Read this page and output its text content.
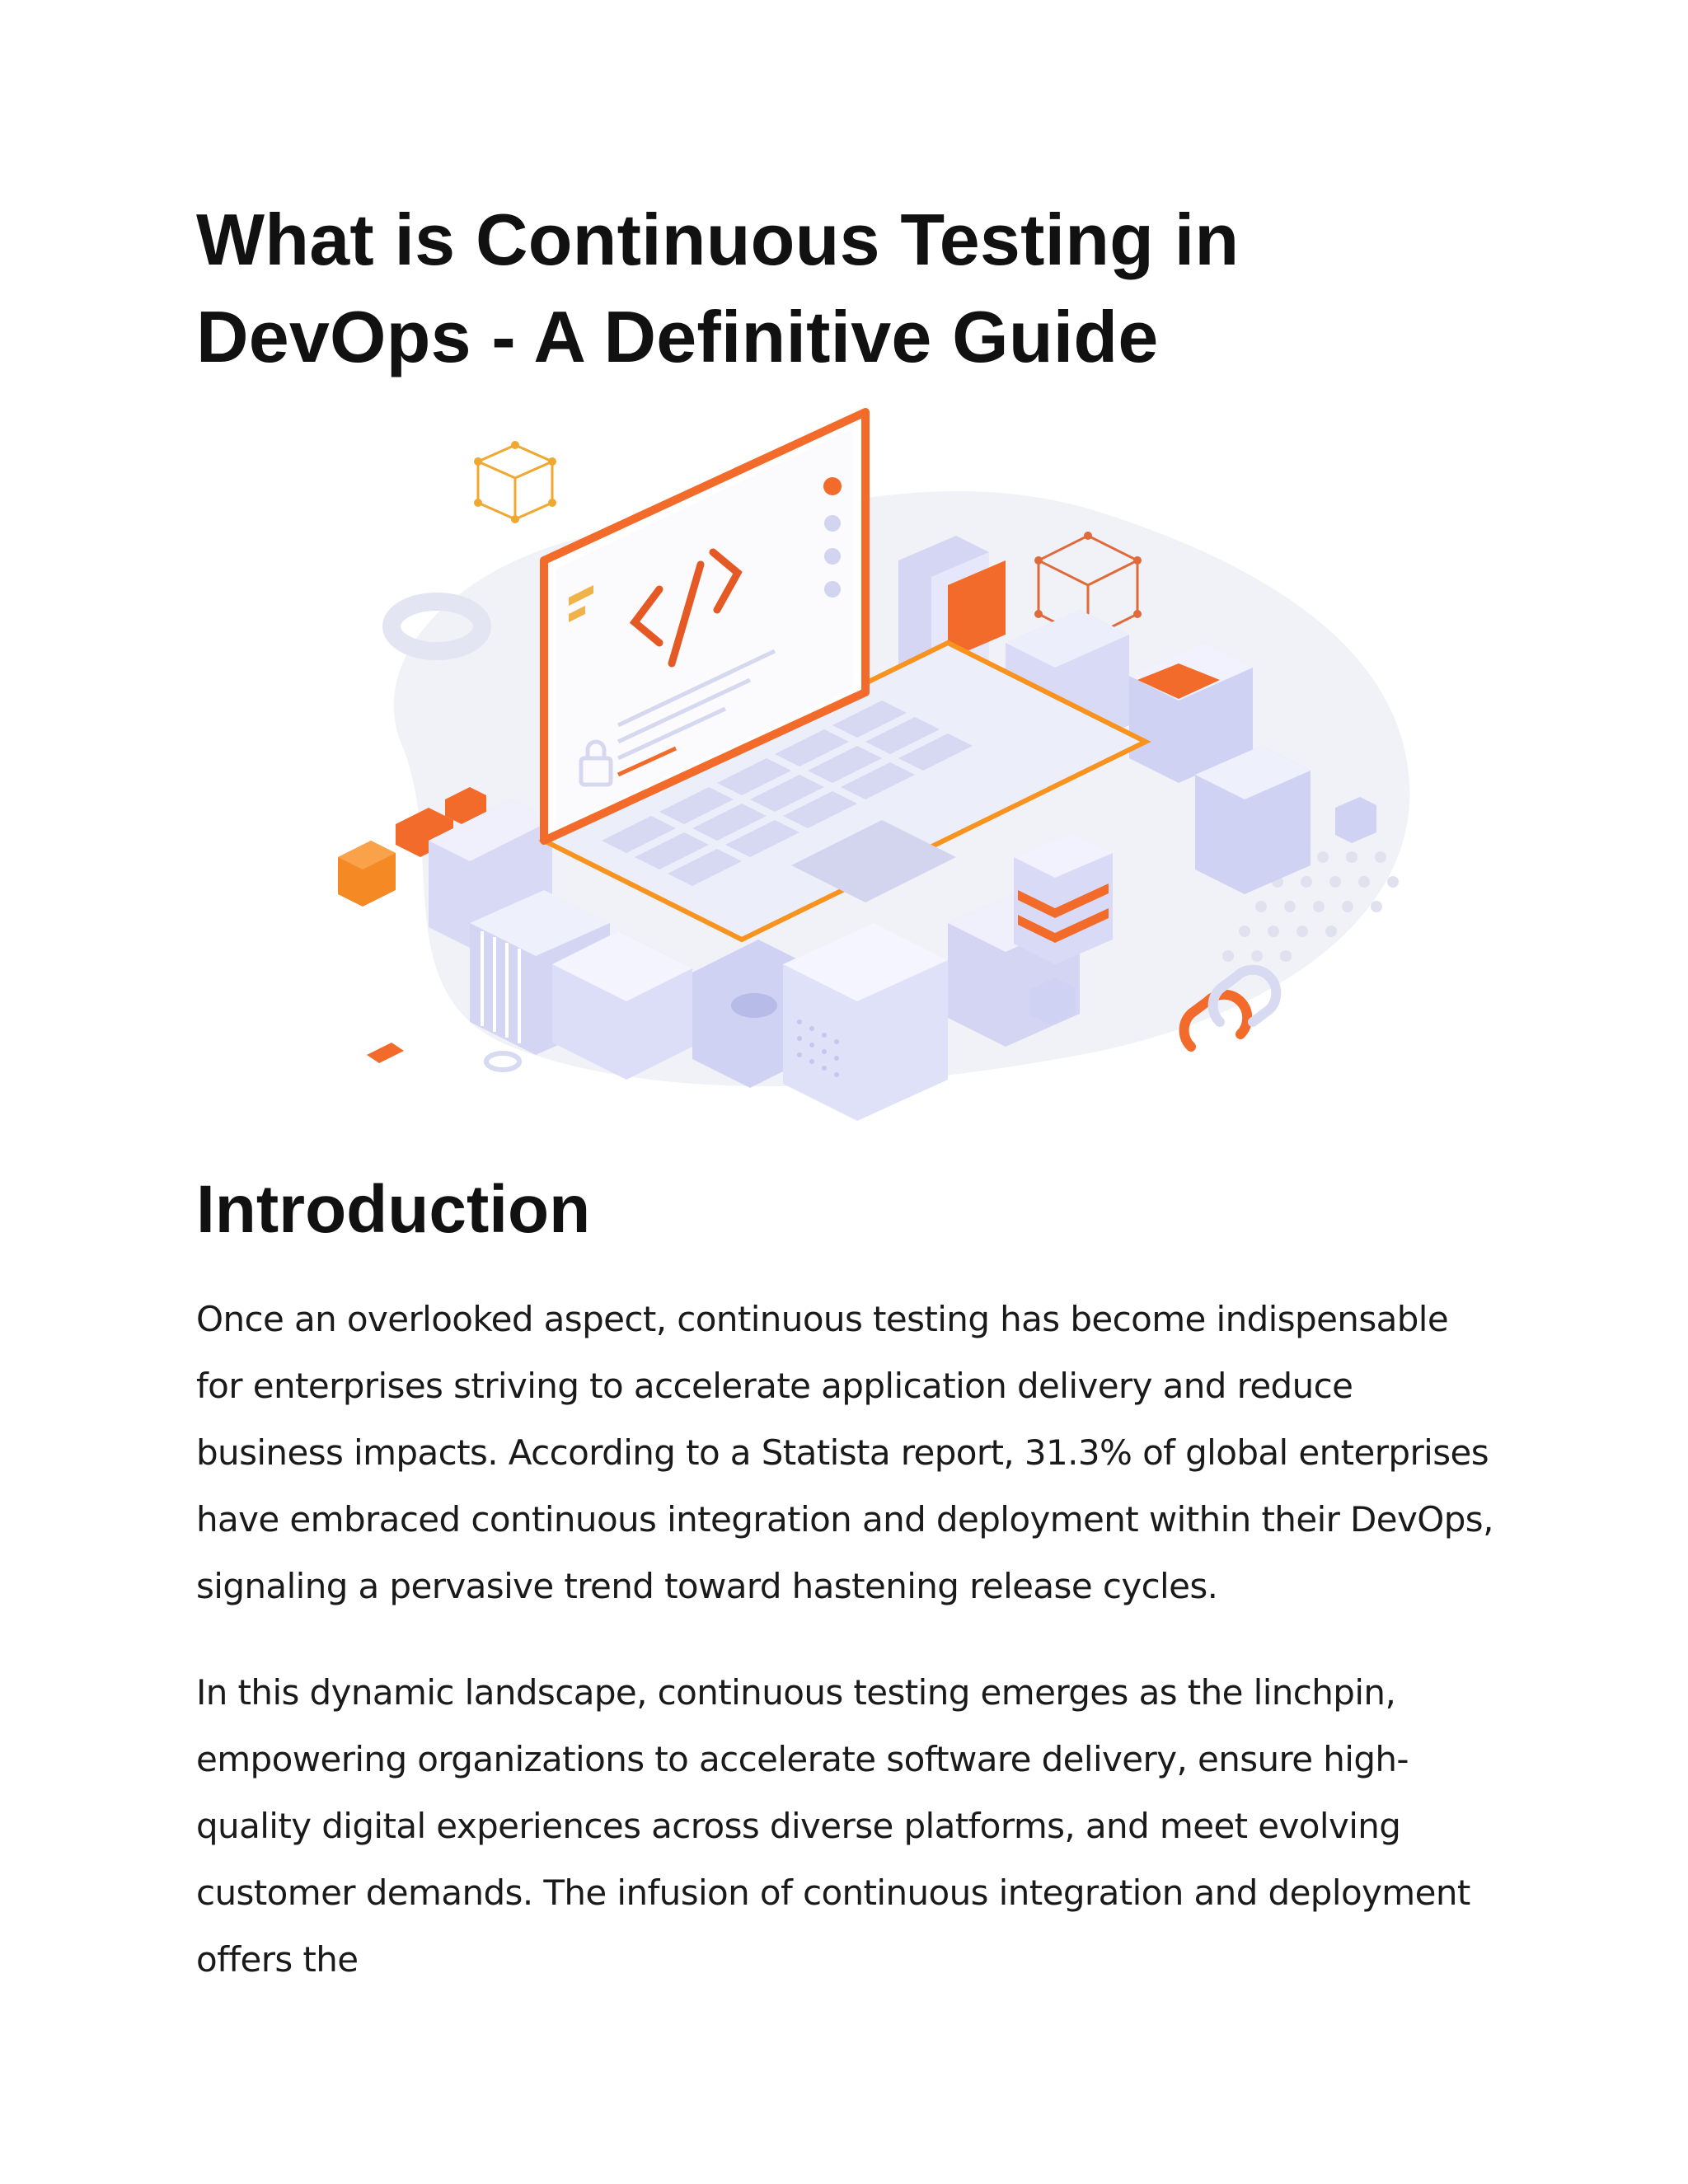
What is Continuous Testing in DevOps - A Definitive Guide
Introduction

Once an overlooked aspect, continuous testing has become indispensable for enterprises striving to accelerate application delivery and reduce business impacts. According to a Statista report, 31.3% of global enterprises have embraced continuous integration and deployment within their DevOps, signaling a pervasive trend toward hastening release cycles.

In this dynamic landscape, continuous testing emerges as the linchpin, empowering organizations to accelerate software delivery, ensure high-quality digital experiences across diverse platforms, and meet evolving customer demands. The infusion of continuous integration and deployment offers the
